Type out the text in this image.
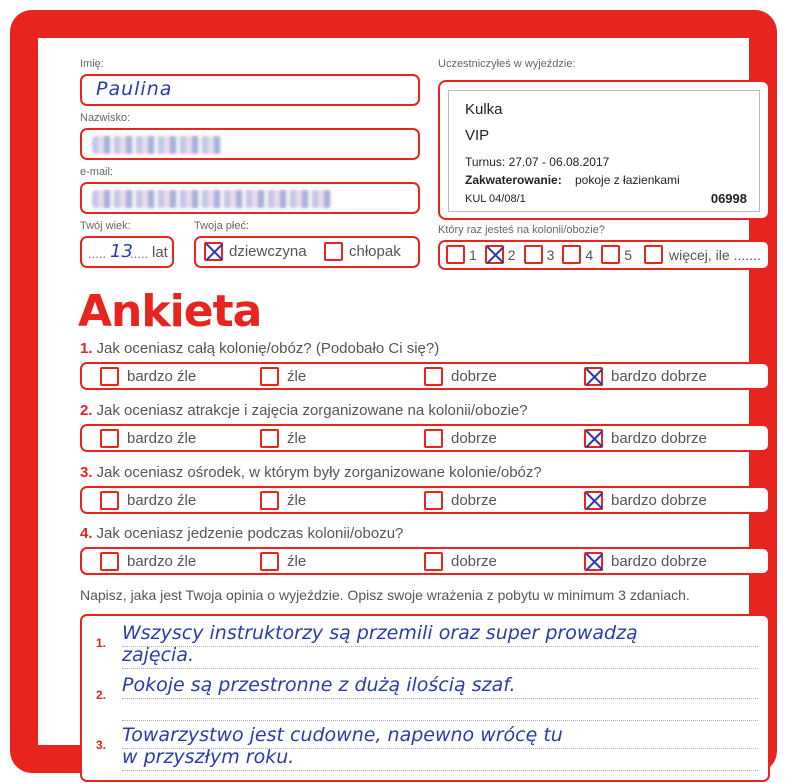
Imię:
Paulina
Nazwisko:
e-mail:
Twój wiek:
..... 13
..... lat
Twoja płeć:
dziewczyna	chłopak
Uczestniczyłeś w wyjeździe:
Kulka
VIP
Turnus: 27.07 - 06.08.2017
Zakwaterowanie: pokoje z łazienkami
KUL 04/08/1	06998
Który raz jesteś na kolonii/obozie?
1 2 3 4 5	więcej, ile .......
Ankieta
1. Jak oceniasz całą kolonię/obóz? (Podobało Ci się?)
bardzo źle	źle	dobrze	bardzo dobrze
2. Jak oceniasz atrakcje i zajęcia zorganizowane na kolonii/obozie?
bardzo źle	źle	dobrze	bardzo dobrze
3. Jak oceniasz ośrodek, w którym były zorganizowane kolonie/obóz?
bardzo źle	źle	dobrze	bardzo dobrze
4. Jak oceniasz jedzenie podczas kolonii/obozu?
bardzo źle	źle	dobrze	bardzo dobrze
Napisz, jaka jest Twoja opinia o wyjeździe. Opisz swoje wrażenia z pobytu w minimum 3 zdaniach.
1. Wszyscy instruktorzy są przemili oraz super prowadzą
zajęcia.
2. Pokoje są przestronne z dużą ilością szaf.
3. Towarzystwo jest cudowne, napewno wrócę tu
w przyszłym roku.
